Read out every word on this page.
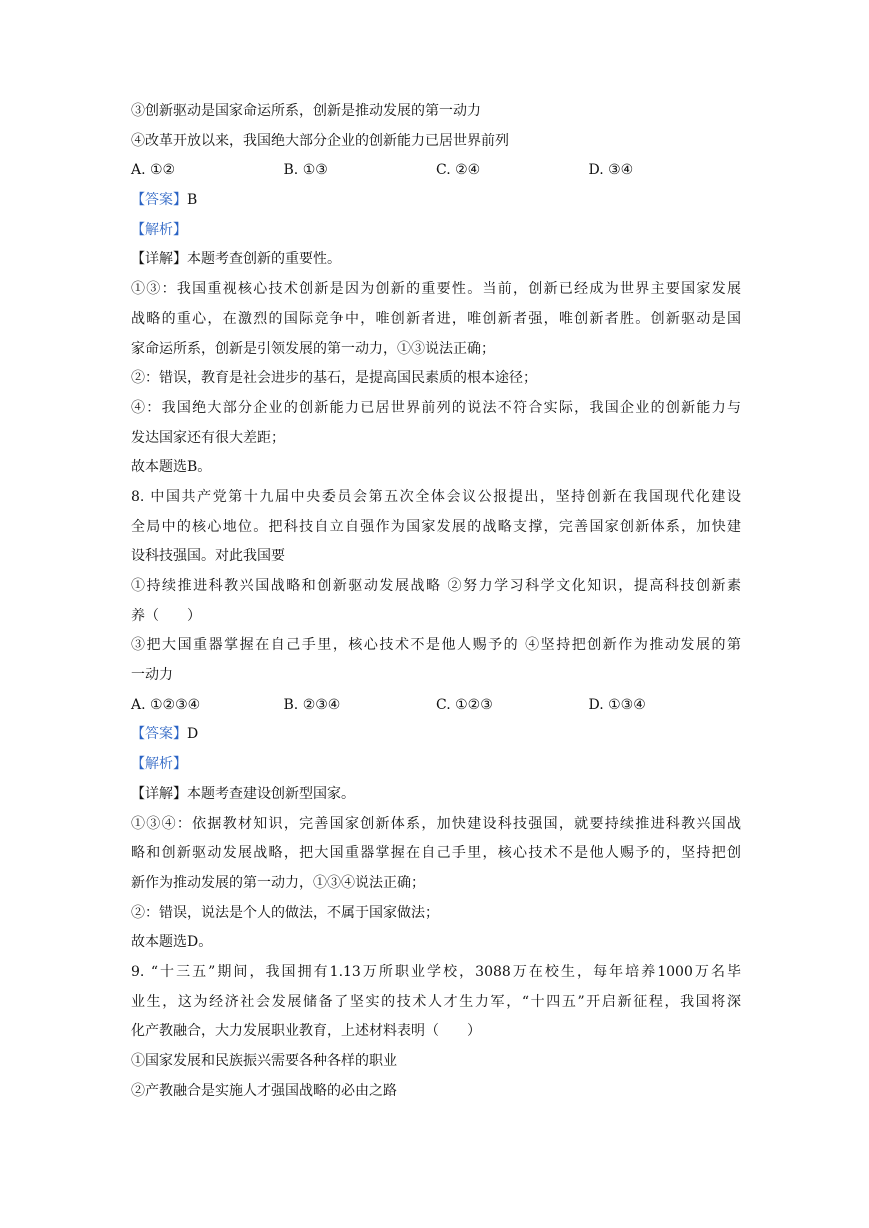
③创新驱动是国家命运所系，创新是推动发展的第一动力
④改革开放以来，我国绝大部分企业的创新能力已居世界前列
A. ①②	B. ①③	C. ②④	D. ③④
【答案】B
【解析】
【详解】本题考查创新的重要性。
①③：我国重视核心技术创新是因为创新的重要性。当前，创新已经成为世界主要国家发展
战略的重心，在激烈的国际竞争中，唯创新者进，唯创新者强，唯创新者胜。创新驱动是国
家命运所系，创新是引领发展的第一动力，①③说法正确；
②：错误，教育是社会进步的基石，是提高国民素质的根本途径；
④：我国绝大部分企业的创新能力已居世界前列的说法不符合实际，我国企业的创新能力与
发达国家还有很大差距；
故本题选B。
8. 中国共产党第十九届中央委员会第五次全体会议公报提出，坚持创新在我国现代化建设
全局中的核心地位。把科技自立自强作为国家发展的战略支撑，完善国家创新体系，加快建
设科技强国。对此我国要
①持续推进科教兴国战略和创新驱动发展战略 ②努力学习科学文化知识，提高科技创新素
养（　　）
③把大国重器掌握在自己手里，核心技术不是他人赐予的 ④坚持把创新作为推动发展的第
一动力
A. ①②③④	B. ②③④	C. ①②③	D. ①③④
【答案】D
【解析】
【详解】本题考查建设创新型国家。
①③④：依据教材知识，完善国家创新体系，加快建设科技强国，就要持续推进科教兴国战
略和创新驱动发展战略，把大国重器掌握在自己手里，核心技术不是他人赐予的，坚持把创
新作为推动发展的第一动力，①③④说法正确；
②：错误，说法是个人的做法，不属于国家做法；
故本题选D。
9. “十三五”期间，我国拥有1.13万所职业学校，3088万在校生，每年培养1000万名毕
业生，这为经济社会发展储备了坚实的技术人才生力军，“十四五”开启新征程，我国将深
化产教融合，大力发展职业教育，上述材料表明（　　）
①国家发展和民族振兴需要各种各样的职业
②产教融合是实施人才强国战略的必由之路
